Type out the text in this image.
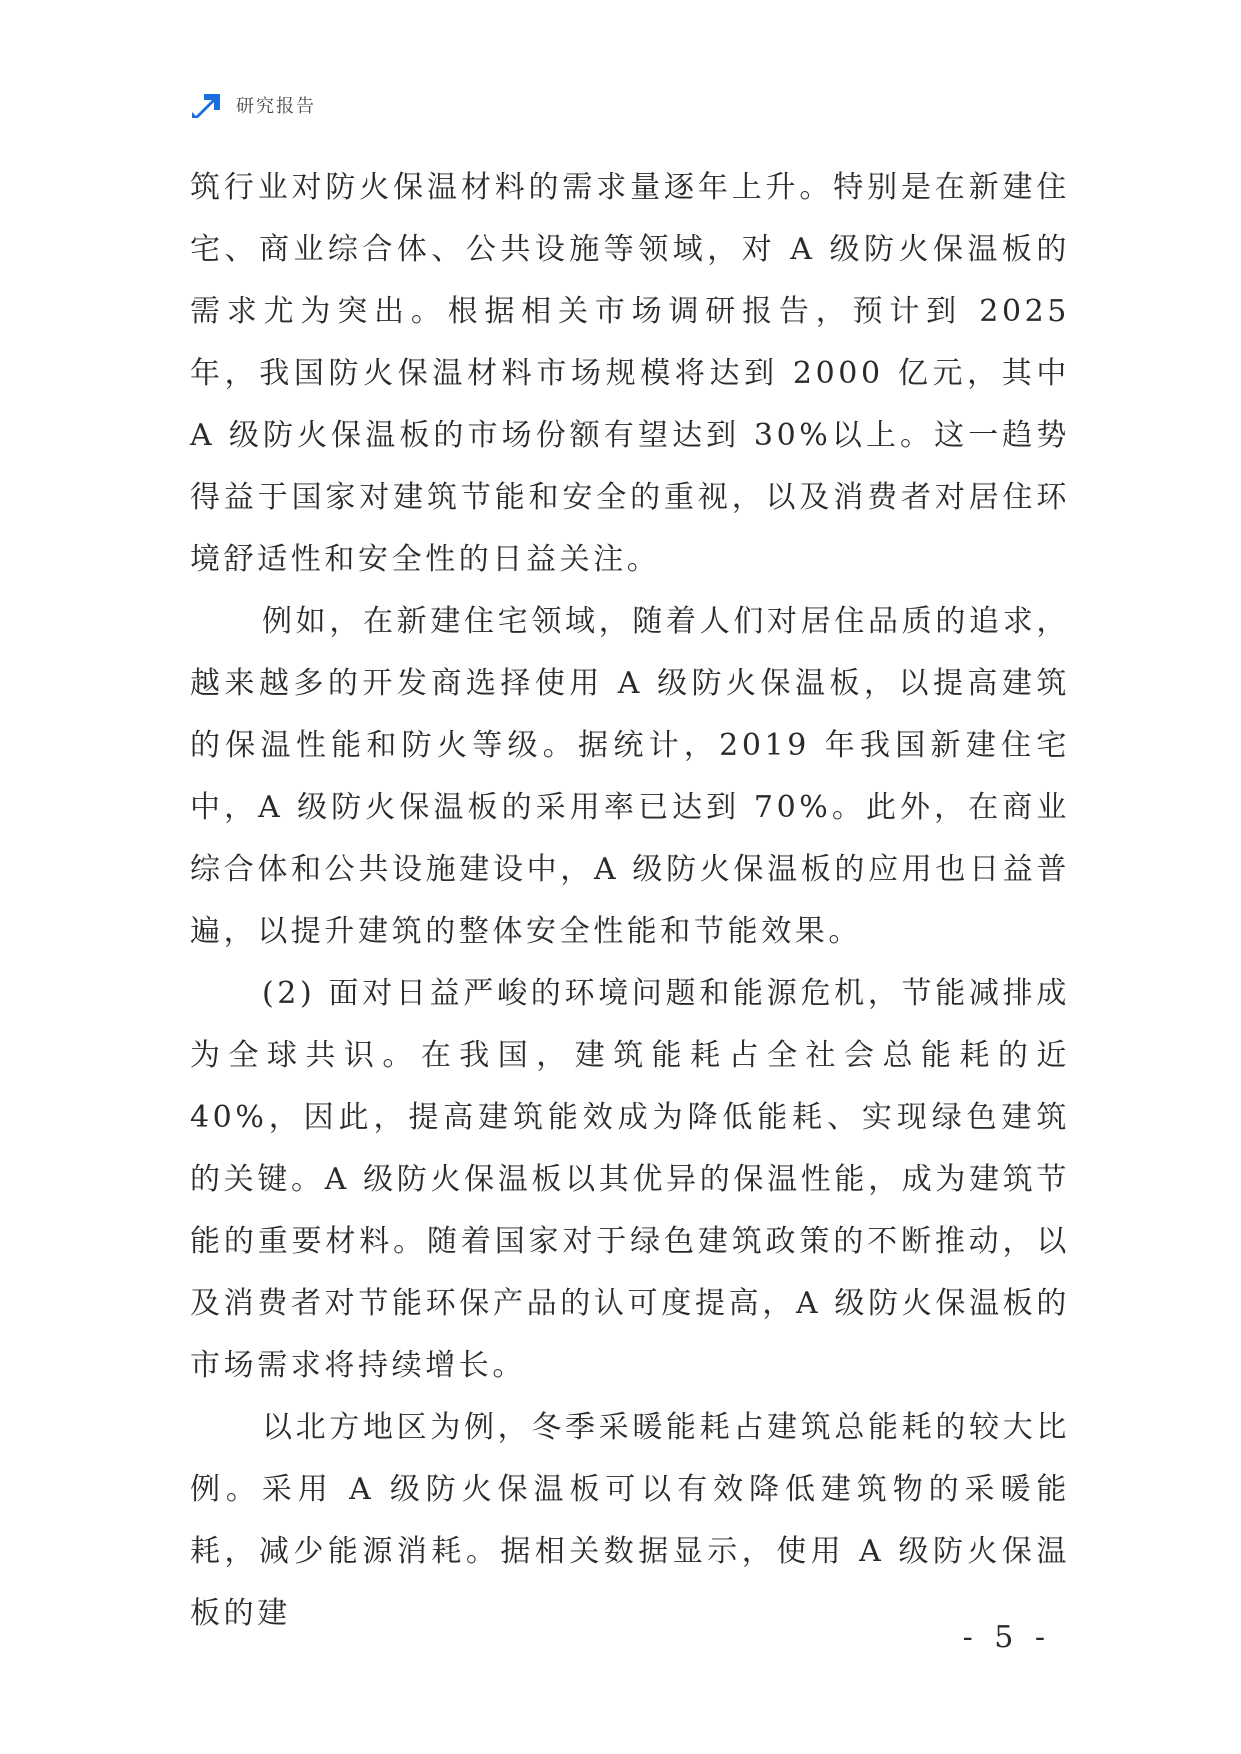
研究报告

筑行业对防火保温材料的需求量逐年上升。特别是在新建住宅、商业综合体、公共设施等领域，对 A 级防火保温板的需求尤为突出。根据相关市场调研报告，预计到 2025 年，我国防火保温材料市场规模将达到 2000 亿元，其中 A 级防火保温板的市场份额有望达到 30%以上。这一趋势得益于国家对建筑节能和安全的重视，以及消费者对居住环境舒适性和安全性的日益关注。

例如，在新建住宅领域，随着人们对居住品质的追求，越来越多的开发商选择使用 A 级防火保温板，以提高建筑的保温性能和防火等级。据统计，2019 年我国新建住宅中，A 级防火保温板的采用率已达到 70%。此外，在商业综合体和公共设施建设中，A 级防火保温板的应用也日益普遍，以提升建筑的整体安全性能和节能效果。

(2) 面对日益严峻的环境问题和能源危机，节能减排成为全球共识。在我国，建筑能耗占全社会总能耗的近 40%，因此，提高建筑能效成为降低能耗、实现绿色建筑的关键。A 级防火保温板以其优异的保温性能，成为建筑节能的重要材料。随着国家对于绿色建筑政策的不断推动，以及消费者对节能环保产品的认可度提高，A 级防火保温板的市场需求将持续增长。

以北方地区为例，冬季采暖能耗占建筑总能耗的较大比例。采用 A 级防火保温板可以有效降低建筑物的采暖能耗，减少能源消耗。据相关数据显示，使用 A 级防火保温板的建

- 5 -
